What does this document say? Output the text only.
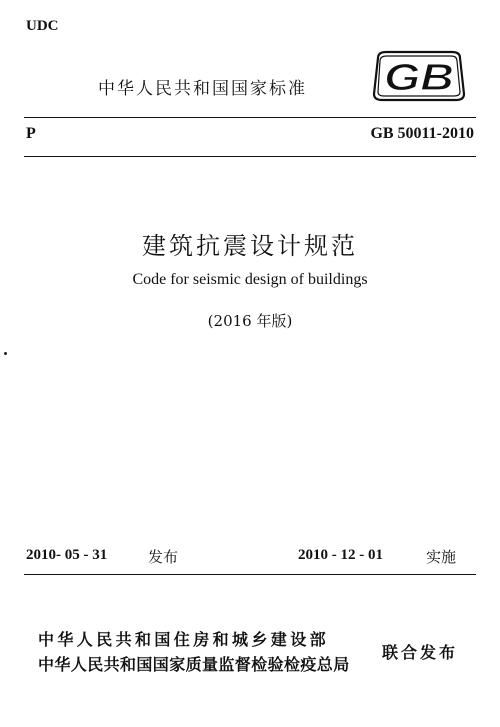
UDC
中华人民共和国国家标准 GB
P	GB 50011-2010
建筑抗震设计规范
Code for seismic design of buildings
(2016 年版)
2010- 05 - 31	发布	2010 - 12 - 01	实施
中华人民共和国住房和城乡建设部
中华人民共和国国家质量监督检验检疫总局
联合发布
